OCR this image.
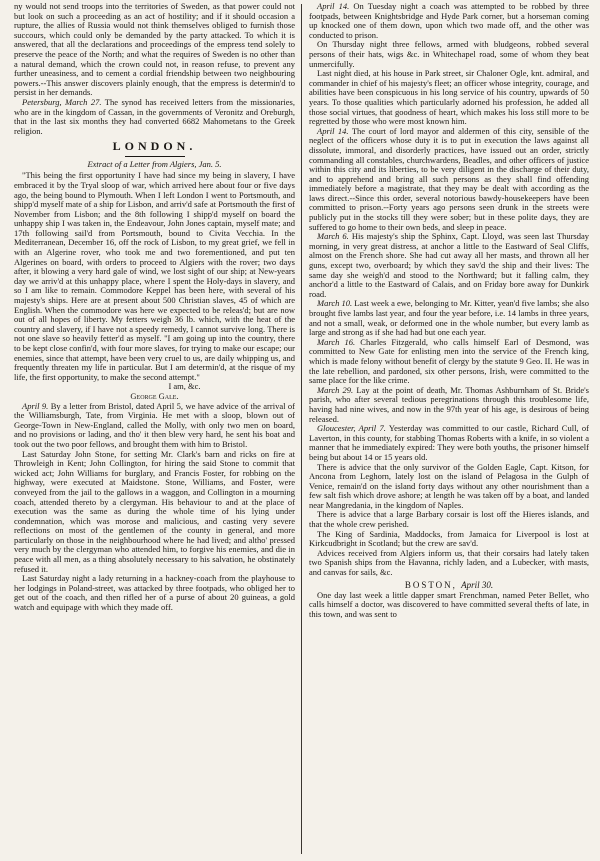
ny would not send troops into the territories of Sweden, as that power could not but look on such a proceeding as an act of hostility; and if it should occasion a rupture, the allies of Russia would not think themselves obliged to furnish those succours, which could only be demanded by the party attacked. To which it is answered, that all the declarations and proceedings of the empress tend solely to preserve the peace of the North; and what the requires of Sweden is no other than a natural demand, which the crown could not, in reason refuse, to prevent any further uneasiness, and to cement a cordial friendship between two neighbouring powers.--This answer discovers plainly enough, that the empress is determin'd to persist in her demands.

Petersburg, March 27. The synod has received letters from the missionaries, who are in the kingdom of Cassan, in the governments of Veronitz and Oreburgh, that in the last six months they had converted 6682 Mahometans to the Greek religion.

LONDON.
Extract of a Letter from Algiers, Jan. 5.

"This being the first opportunity I have had since my being in slavery, I have embraced it by the Tryal sloop of war, which arrived here about four or five days ago, the being bound to Plymouth. When I left London I went to Portsmouth, and shipp'd myself mate of a ship for Lisbon, and arriv'd safe at Portsmouth the first of November from Lisbon; and the 8th following I shipp'd myself on board the unhappy ship I was taken in, the Endeavour, John Jones captain, myself mate; and 17th following sail'd from Portsmouth, bound to Civita Vecchia. In the Mediterranean, December 16, off the rock of Lisbon, to my great grief, we fell in with an Algerine rover, who took me and two forementioned, and put ten Algerines on board, with orders to proceed to Algiers with the rover; two days after, it blowing a very hard gale of wind, we lost sight of our ship; at New-years day we arriv'd at this unhappy place, where I spent the Holy-days in slavery, and so I am like to remain. Commodore Keppel has been here, with several of his majesty's ships. Here are at present about 500 Christian slaves, 45 of which are English. When the commodore was here we expected to be releas'd; but are now out of all hopes of liberty. My fetters weigh 36 lb. which, with the heat of the country and slavery, if I have not a speedy remedy, I cannot survive long. There is not one slave so heavily fetter'd as myself. "I am going up into the country, there to be kept close confin'd, with four more slaves, for trying to make our escape; our enemies, since that attempt, have been very cruel to us, are daily whipping us, and frequently threaten my life in particular. But I am determin'd, at the risque of my life, the first opportunity, to make the second attempt."

I am, &c.
George Gale.

April 9. By a letter from Bristol, dated April 5, we have advice of the arrival of the Williamsburgh, Tate, from Virginia. He met with a sloop, blown out of George-Town in New-England, called the Molly, with only two men on board, and no provisions or lading, and tho' it then blew very hard, he sent his boat and took out the two poor fellows, and brought them with him to Bristol.

Last Saturday John Stone, for setting Mr. Clark's barn and ricks on fire at Throwleigh in Kent; John Collington, for hiring the said Stone to commit that wicked act; John Williams for burglary, and Francis Foster, for robbing on the highway, were executed at Maidstone. Stone, Williams, and Foster, were conveyed from the jail to the gallows in a waggon, and Collington in a mourning coach, attended thereto by a clergyman. His behaviour to and at the place of execution was the same as during the whole time of his lying under condemnation, which was morose and malicious, and casting very severe reflections on most of the gentlemen of the county in general, and more particularly on those in the neighbourhood where he had lived; and altho' pressed very much by the clergyman who attended him, to forgive his enemies, and die in peace with all men, as a thing absolutely necessary to his salvation, he obstinately refused it.

Last Saturday night a lady returning in a hackney-coach from the playhouse to her lodgings in Poland-street, was attacked by three footpads, who obliged her to get out of the coach, and then rifled her of a purse of about 20 guineas, a gold watch and equipage with which they made off.

April 14. On Tuesday night a coach was attempted to be robbed by three footpads, between Knightsbridge and Hyde Park corner, but a horseman coming up knocked one of them down, upon which two made off, and the other was conducted to prison.

On Thursday night three fellows, armed with bludgeons, robbed several persons of their hats, wigs &c. in Whitechapel road, some of whom they beat unmercifully.

Last night died, at his house in Park street, sir Chaloner Ogle, knt. admiral, and commander in chief of his majesty's fleet; an officer whose integrity, courage, and abilities have been conspicuous in his long service of his country, upwards of 50 years. To those qualities which particularly adorned his profession, he added all those social virtues, that goodness of heart, which makes his loss still more to be regretted by those who were most known him.

April 14. The court of lord mayor and aldermen of this city, sensible of the neglect of the officers whose duty it is to put in execution the laws against all dissolute, immoral, and disorderly practices, have issued out an order, strictly commanding all constables, churchwardens, Beadles, and other officers of justice within this city and its liberties, to be very diligent in the discharge of their duty, and to apprehend and bring all such persons as they shall find offending immediately before a magistrate, that they may be dealt with according as the laws direct.--Since this order, several notorious bawdy-housekeepers have been committed to prison.--Forty years ago persons seen drunk in the streets were publicly put in the stocks till they were sober; but in these polite days, they are suffered to go home to their own beds, and sleep in peace.

March 6. His majesty's ship the Sphinx, Capt. Lloyd, was seen last Thursday morning, in very great distress, at anchor a little to the Eastward of Seal Cliffs, almost on the French shore. She had cut away all her masts, and thrown all her guns, except two, overboard; by which they sav'd the ship and their lives: The same day she weigh'd and stood to the Northward; but it falling calm, they anchor'd a little to the Eastward of Calais, and on Friday bore away for Dunkirk road.

March 10. Last week a ewe, belonging to Mr. Kitter, yean'd five lambs; she also brought five lambs last year, and four the year before, i.e. 14 lambs in three years, and not a small, weak, or deformed one in the whole number, but every lamb as large and strong as if she had had but one each year.

March 16. Charles Fitzgerald, who calls himself Earl of Desmond, was committed to New Gate for enlisting men into the service of the French king, which is made felony without benefit of clergy by the statute 9 Geo. II. He was in the late rebellion, and pardoned, six other persons, Irish, were committed to the same place for the like crime.

March 29. Lay at the point of death, Mr. Thomas Ashburnham of St. Bride's parish, who after several tedious peregrinations through this troublesome life, having had nine wives, and now in the 97th year of his age, is desirous of being released.

Gloucester, April 7. Yesterday was committed to our castle, Richard Cull, of Laverton, in this county, for stabbing Thomas Roberts with a knife, in so violent a manner that he immediately expired: They were both youths, the prisoner himself being but about 14 or 15 years old.

There is advice that the only survivor of the Golden Eagle, Capt. Kitson, for Ancona from Leghorn, lately lost on the island of Pelagosa in the Gulph of Venice, remain'd on the island forty days without any other nourishment than a few salt fish which drove ashore; at length he was taken off by a boat, and landed near Mangredania, in the kingdom of Naples.

There is advice that a large Barbary corsair is lost off the Hieres islands, and that the whole crew perished.

The King of Sardinia, Maddocks, from Jamaica for Liverpool is lost at Kirkcudbright in Scotland; but the crew are sav'd.

Advices received from Algiers inform us, that their corsairs had lately taken two Spanish ships from the Havanna, richly laden, and a Lubecker, with masts, and canvas for sails, &c.

BOSTON, April 30.

One day last week a little dapper smart Frenchman, named Peter Bellet, who calls himself a doctor, was discovered to have committed several thefts of late, in this town, and was sent to
